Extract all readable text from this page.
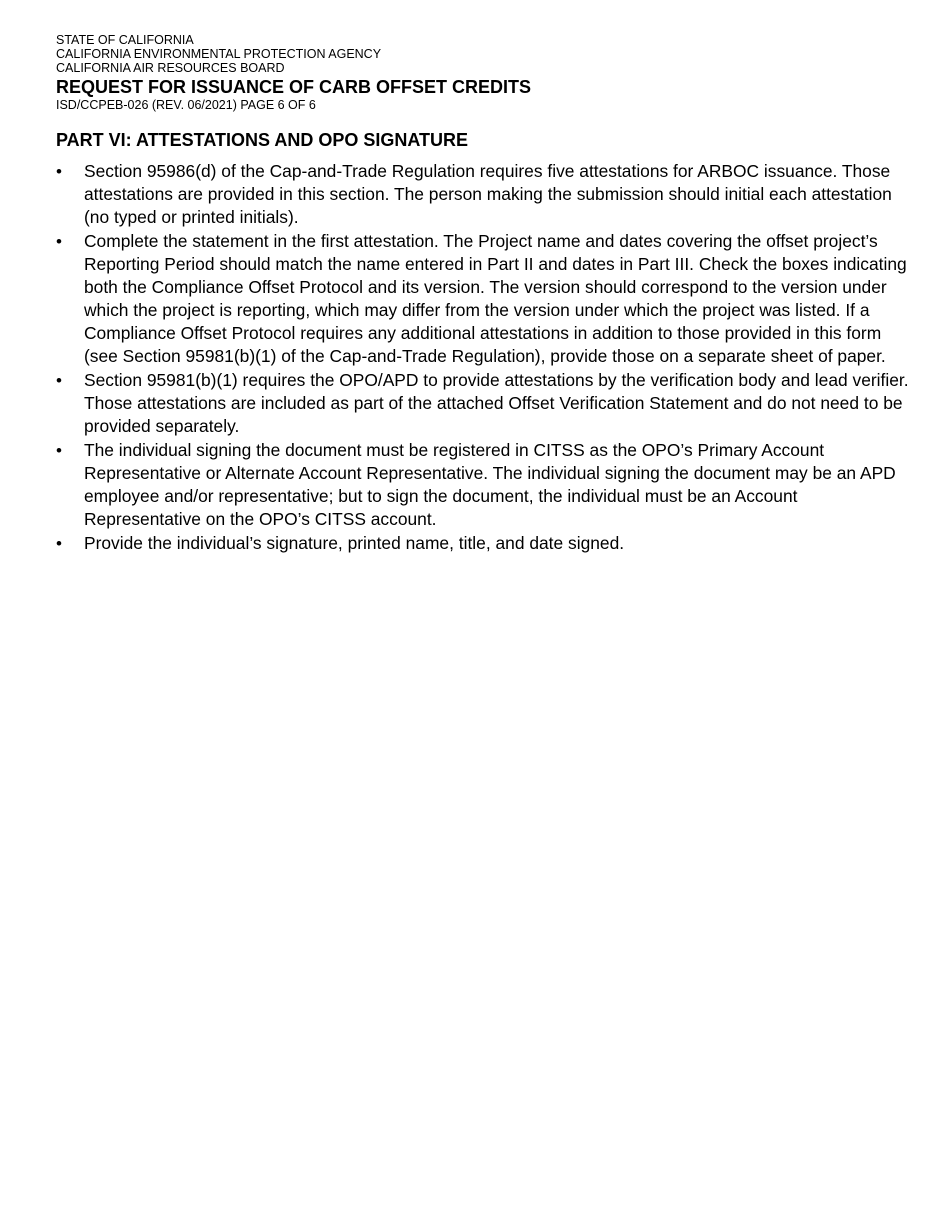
STATE OF CALIFORNIA

CALIFORNIA ENVIRONMENTAL PROTECTION AGENCY

CALIFORNIA AIR RESOURCES BOARD

REQUEST FOR ISSUANCE OF CARB OFFSET CREDITS

ISD/CCPEB-026 (REV. 06/2021) PAGE 6 OF 6

PART VI: ATTESTATIONS AND OPO SIGNATURE
• Section 95986(d) of the Cap-and-Trade Regulation requires five attestations for ARBOC issuance. Those attestations are provided in this section. The person making the submission should initial each attestation (no typed or printed initials).
• Complete the statement in the first attestation. The Project name and dates covering the offset project’s Reporting Period should match the name entered in Part II and dates in Part III. Check the boxes indicating both the Compliance Offset Protocol and its version. The version should correspond to the version under which the project is reporting, which may differ from the version under which the project was listed. If a Compliance Offset Protocol requires any additional attestations in addition to those provided in this form (see Section 95981(b)(1) of the Cap-and-Trade Regulation), provide those on a separate sheet of paper.
• Section 95981(b)(1) requires the OPO/APD to provide attestations by the verification body and lead verifier. Those attestations are included as part of the attached Offset Verification Statement and do not need to be provided separately.
• The individual signing the document must be registered in CITSS as the OPO’s Primary Account Representative or Alternate Account Representative. The individual signing the document may be an APD employee and/or representative; but to sign the document, the individual must be an Account Representative on the OPO’s CITSS account.
• Provide the individual’s signature, printed name, title, and date signed.
